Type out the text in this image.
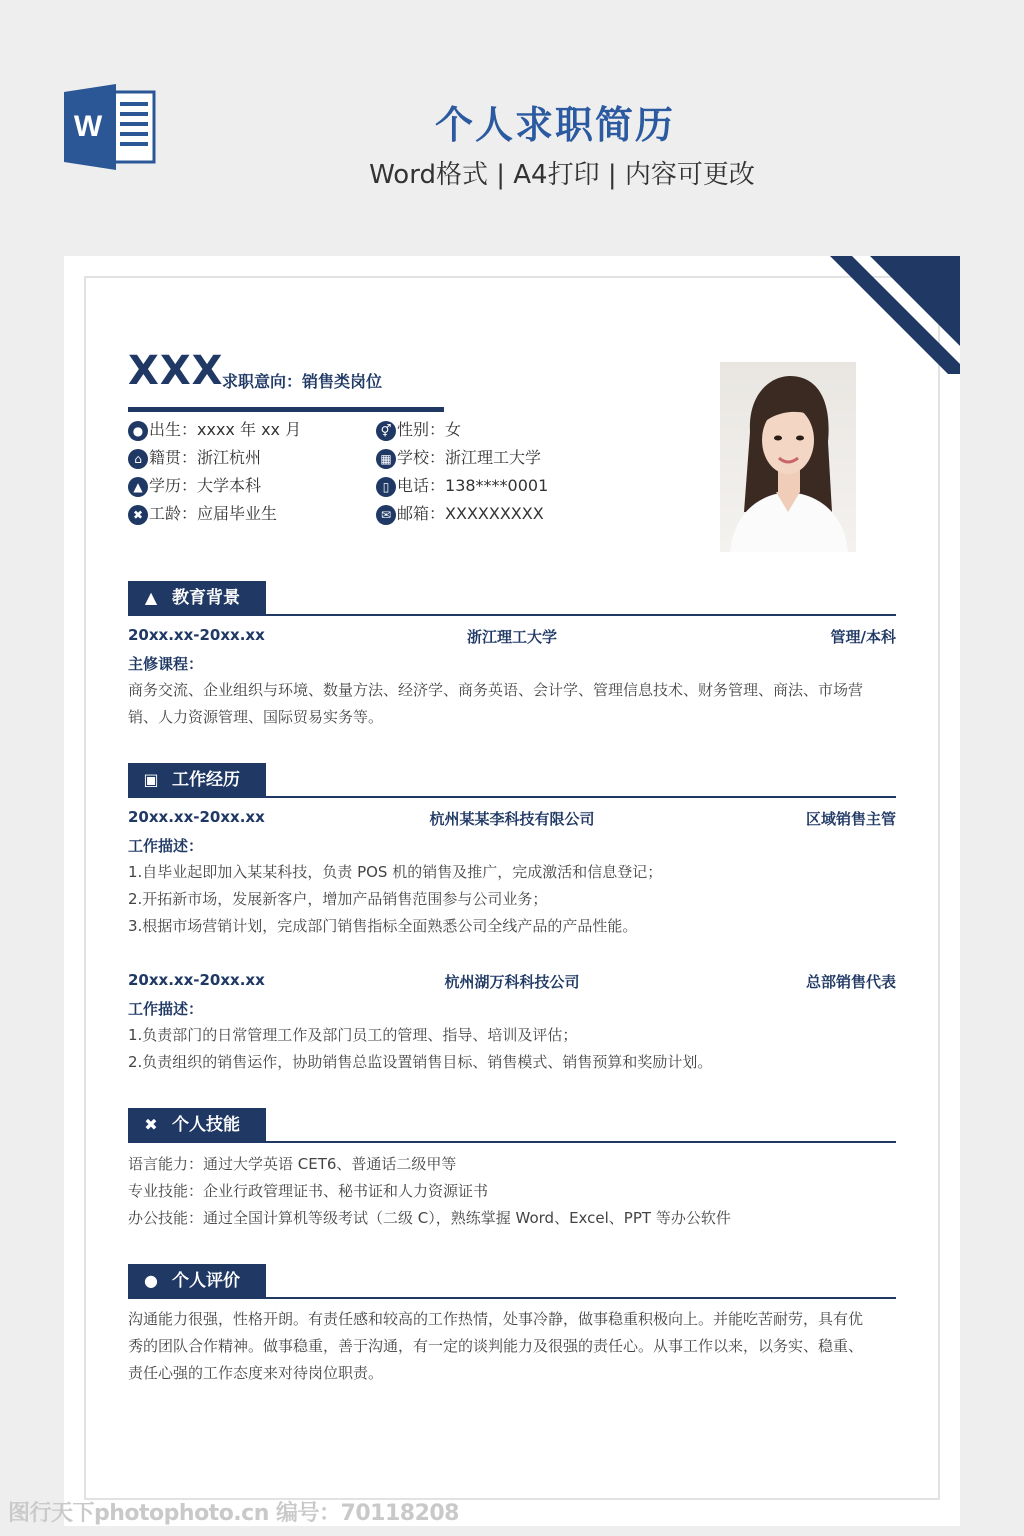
W	个人求职简历
Word格式 | A4打印 | 内容可更改
XXX
求职意向：销售类岗位
● 出生：xxxx 年 xx 月	⚥ 性别：女
⌂ 籍贯：浙江杭州	▦ 学校：浙江理工大学
▲ 学历：大学本科	▯ 电话：138****0001
✖ 工龄：应届毕业生	✉ 邮箱：XXXXXXXXX
▲ 教育背景
20xx.xx-20xx.xx	浙江理工大学	管理/本科
主修课程：
商务交流、企业组织与环境、数量方法、经济学、商务英语、会计学、管理信息技术、财务管理、商法、市场营
销、人力资源管理、国际贸易实务等。
▣ 工作经历
20xx.xx-20xx.xx	杭州某某李科技有限公司	区域销售主管
工作描述：
1.自毕业起即加入某某科技，负责 POS 机的销售及推广，完成激活和信息登记；
2.开拓新市场，发展新客户，增加产品销售范围参与公司业务；
3.根据市场营销计划，完成部门销售指标全面熟悉公司全线产品的产品性能。
20xx.xx-20xx.xx	杭州湖万科科技公司	总部销售代表
工作描述：
1.负责部门的日常管理工作及部门员工的管理、指导、培训及评估；
2.负责组织的销售运作，协助销售总监设置销售目标、销售模式、销售预算和奖励计划。
✖ 个人技能
语言能力：通过大学英语 CET6、普通话二级甲等
专业技能：企业行政管理证书、秘书证和人力资源证书
办公技能：通过全国计算机等级考试（二级 C），熟练掌握 Word、Excel、PPT 等办公软件
● 个人评价
沟通能力很强，性格开朗。有责任感和较高的工作热情，处事冷静，做事稳重积极向上。并能吃苦耐劳，具有优
秀的团队合作精神。做事稳重，善于沟通，有一定的谈判能力及很强的责任心。从事工作以来，以务实、稳重、
责任心强的工作态度来对待岗位职责。
图行天下photophoto.cn 编号：70118208
